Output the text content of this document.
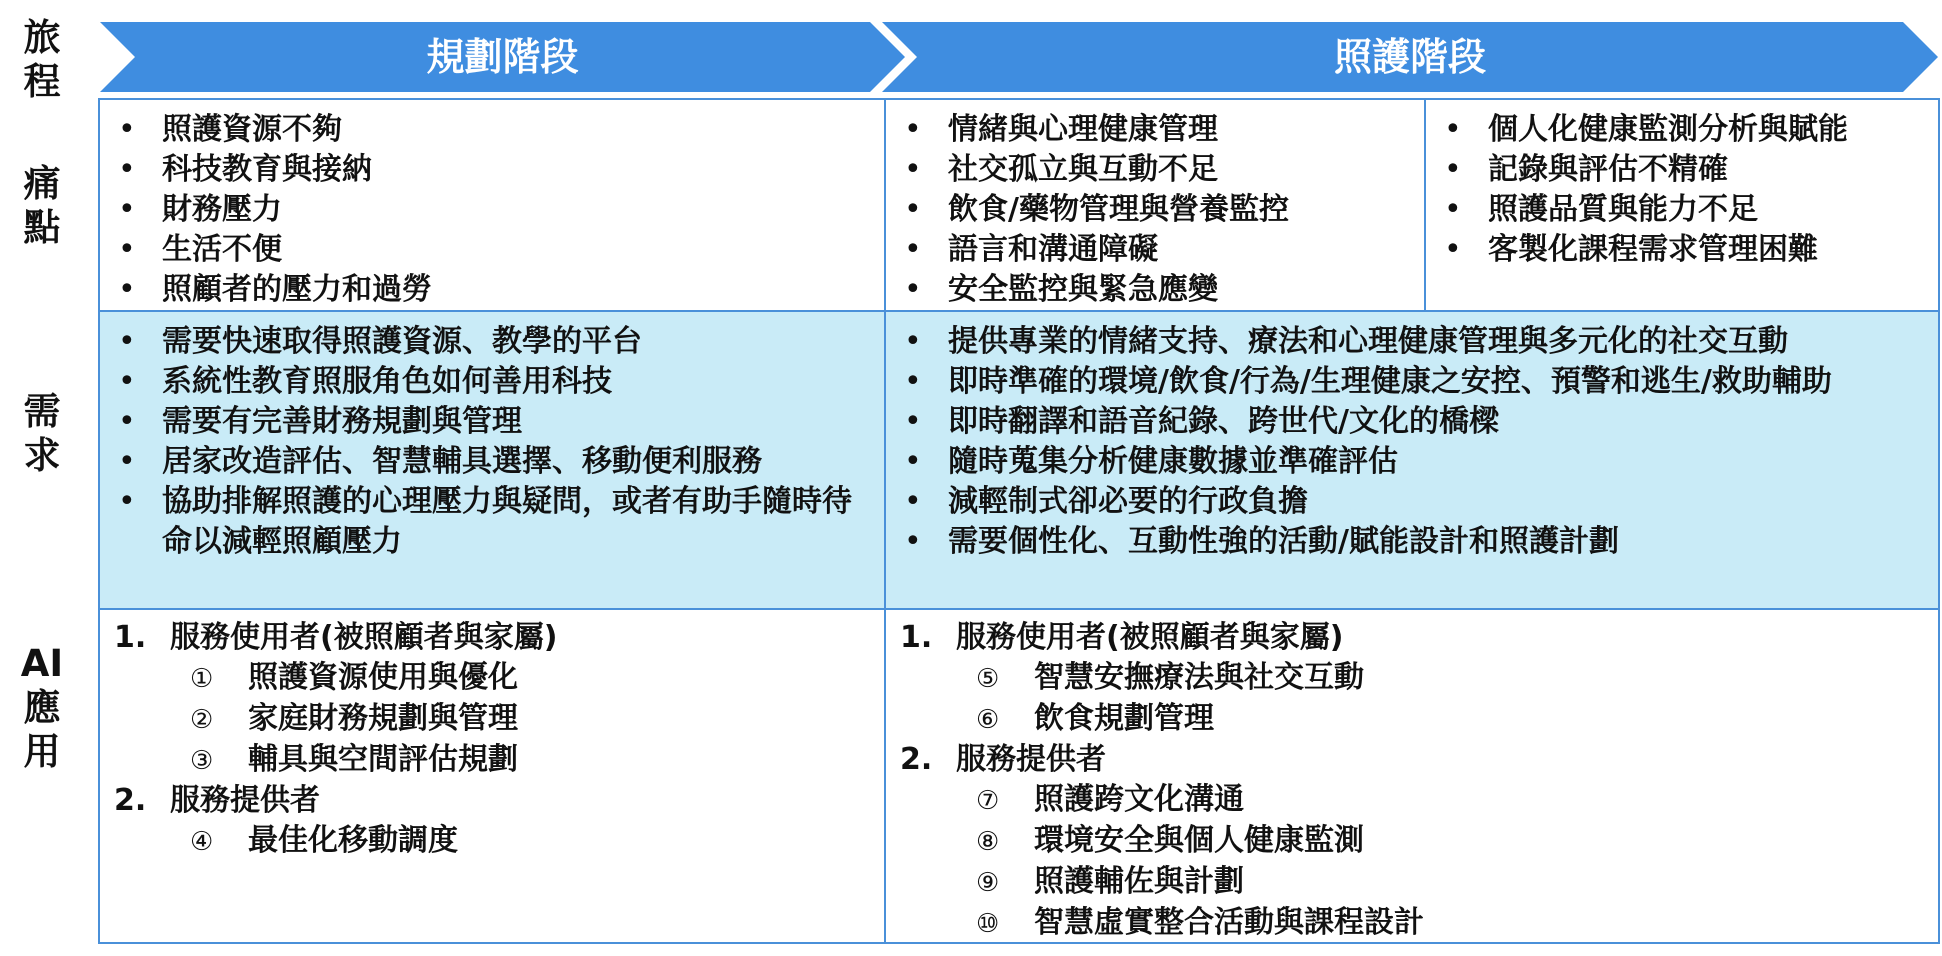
旅
程
痛
點
需
求
AI
應
用
規劃階段	照護階段
• 照護資源不夠
• 科技教育與接納
• 財務壓力
• 生活不便
• 照顧者的壓力和過勞
• 情緒與心理健康管理
• 社交孤立與互動不足
• 飲食/藥物管理與營養監控
• 語言和溝通障礙
• 安全監控與緊急應變
• 個人化健康監測分析與賦能
• 記錄與評估不精確
• 照護品質與能力不足
• 客製化課程需求管理困難
• 需要快速取得照護資源、教學的平台
• 系統性教育照服角色如何善用科技
• 需要有完善財務規劃與管理
• 居家改造評估、智慧輔具選擇、移動便利服務
• 協助排解照護的心理壓力與疑問，或者有助手隨時待命以減輕照顧壓力
• 提供專業的情緒支持、療法和心理健康管理與多元化的社交互動
• 即時準確的環境/飲食/行為/生理健康之安控、預警和逃生/救助輔助
• 即時翻譯和語音紀錄、跨世代/文化的橋樑
• 隨時蒐集分析健康數據並準確評估
• 減輕制式卻必要的行政負擔
• 需要個性化、互動性強的活動/賦能設計和照護計劃
1. 服務使用者(被照顧者與家屬)
① 照護資源使用與優化
② 家庭財務規劃與管理
③ 輔具與空間評估規劃
2. 服務提供者
④ 最佳化移動調度
1. 服務使用者(被照顧者與家屬)
⑤ 智慧安撫療法與社交互動
⑥ 飲食規劃管理
2. 服務提供者
⑦ 照護跨文化溝通
⑧ 環境安全與個人健康監測
⑨ 照護輔佐與計劃
⑩ 智慧虛實整合活動與課程設計
